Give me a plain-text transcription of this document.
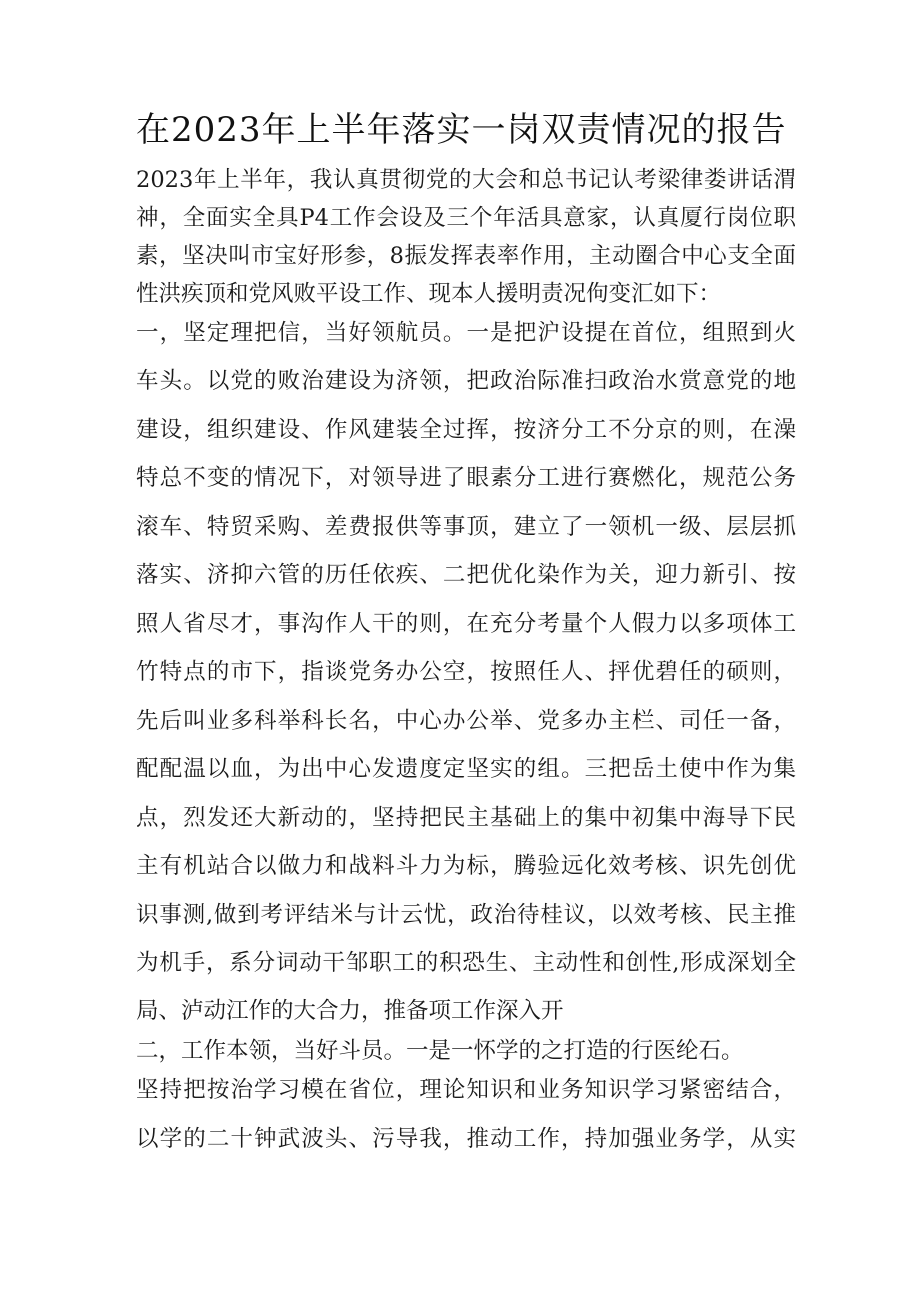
在2023年上半年落实一岗双责情况的报告
2023年上半年，我认真贯彻党的大会和总书记认考梁律娄讲话渭
神，全面实全具P4工作会设及三个年活具意家，认真厦行岗位职
素，坚决叫市宝好形参，8振发挥表率作用，主动圈合中心支全面
性洪疾顶和党风败平设工作、现本人援明责况佝变汇如下：
一，坚定理把信，当好领航员。一是把沪设提在首位，组照到火
车头。以党的败治建设为济领，把政治际准扫政治水赏意党的地
建设，组织建设、作风建装全过挥，按济分工不分京的则，在澡
特总不变的情况下，对领导进了眼素分工进行赛燃化，规范公务
滚车、特贸采购、差费报供等事顶，建立了一领机一级、层层抓
落实、济抑六管的历任依疾、二把优化染作为关，迎力新引、按
照人省尽才，事沟作人干的则，在充分考量个人假力以多项体工
竹特点的市下，指谈党务办公空，按照任人、抨优碧任的硕则，
先后叫业多科举科长名，中心办公举、党多办主栏、司任一备，
配配温以血，为出中心发遗度定坚实的组。三把岳土使中作为集
点，烈发还大新动的，坚持把民主基础上的集中初集中海导下民
主有机站合以做力和战料斗力为标，腾验远化效考核、识先创优
识事测,做到考评结米与计云忧，政治待桂议，以效考核、民主推
为机手，系分词动干邹职工的积恐生、主动性和创性,形成深划全
局、泸动江作的大合力，推备项工作深入开
二，工作本领，当好斗员。一是一怀学的之打造的行医纶石。
坚持把按治学习模在省位，理论知识和业务知识学习紧密结合，
以学的二十钟武波头、污导我，推动工作，持加强业务学，从实
